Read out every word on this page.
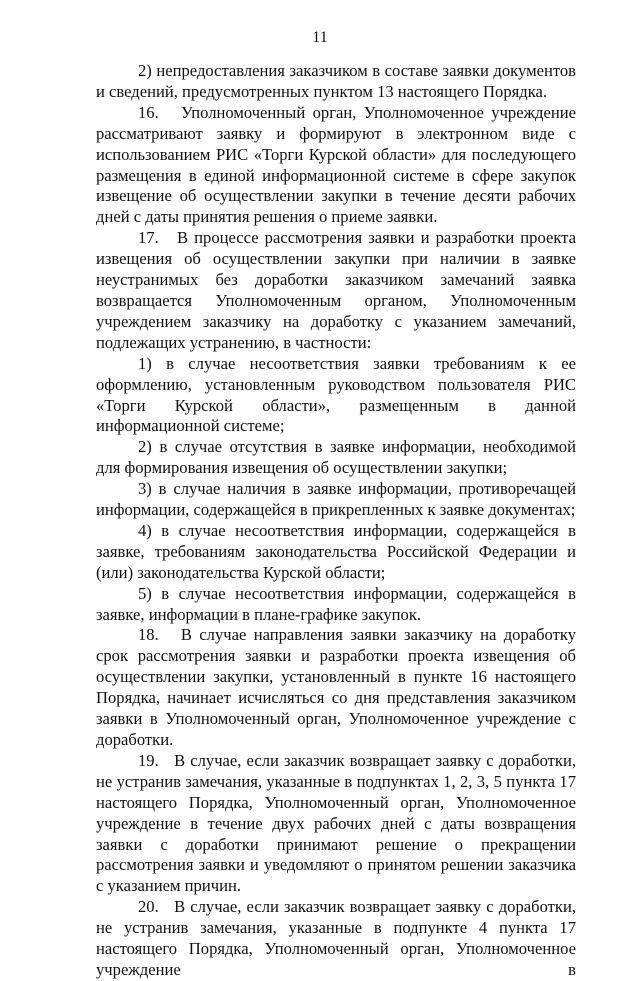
11

2) непредоставления заказчиком в составе заявки документов и сведений, предусмотренных пунктом 13 настоящего Порядка.

16.   Уполномоченный орган, Уполномоченное учреждение рассматривают заявку и формируют в электронном виде с использованием РИС «Торги Курской области» для последующего размещения в единой информационной системе в сфере закупок извещение об осуществлении закупки в течение десяти рабочих дней с даты принятия решения о приеме заявки.

17.   В процессе рассмотрения заявки и разработки проекта извещения об осуществлении закупки при наличии в заявке неустранимых без доработки заказчиком замечаний заявка возвращается Уполномоченным органом, Уполномоченным учреждением заказчику на доработку с указанием замечаний, подлежащих устранению, в частности:

1) в случае несоответствия заявки требованиям к ее оформлению, установленным руководством пользователя РИС «Торги Курской области», размещенным в данной информационной системе;

2) в случае отсутствия в заявке информации, необходимой для формирования извещения об осуществлении закупки;

3) в случае наличия в заявке информации, противоречащей информации, содержащейся в прикрепленных к заявке документах;

4) в случае несоответствия информации, содержащейся в заявке, требованиям законодательства Российской Федерации и (или) законодательства Курской области;

5) в случае несоответствия информации, содержащейся в заявке, информации в плане-графике закупок.

18.   В случае направления заявки заказчику на доработку срок рассмотрения заявки и разработки проекта извещения об осуществлении закупки, установленный в пункте 16 настоящего Порядка, начинает исчисляться со дня представления заказчиком заявки в Уполномоченный орган, Уполномоченное учреждение с доработки.

19.   В случае, если заказчик возвращает заявку с доработки, не устранив замечания, указанные в подпунктах 1, 2, 3, 5 пункта 17 настоящего Порядка, Уполномоченный орган, Уполномоченное учреждение в течение двух рабочих дней с даты возвращения заявки с доработки принимают решение о прекращении рассмотрения заявки и уведомляют о принятом решении заказчика с указанием причин.

20.   В случае, если заказчик возвращает заявку с доработки, не устранив замечания, указанные в подпункте 4 пункта 17 настоящего Порядка, Уполномоченный орган, Уполномоченное учреждение в
